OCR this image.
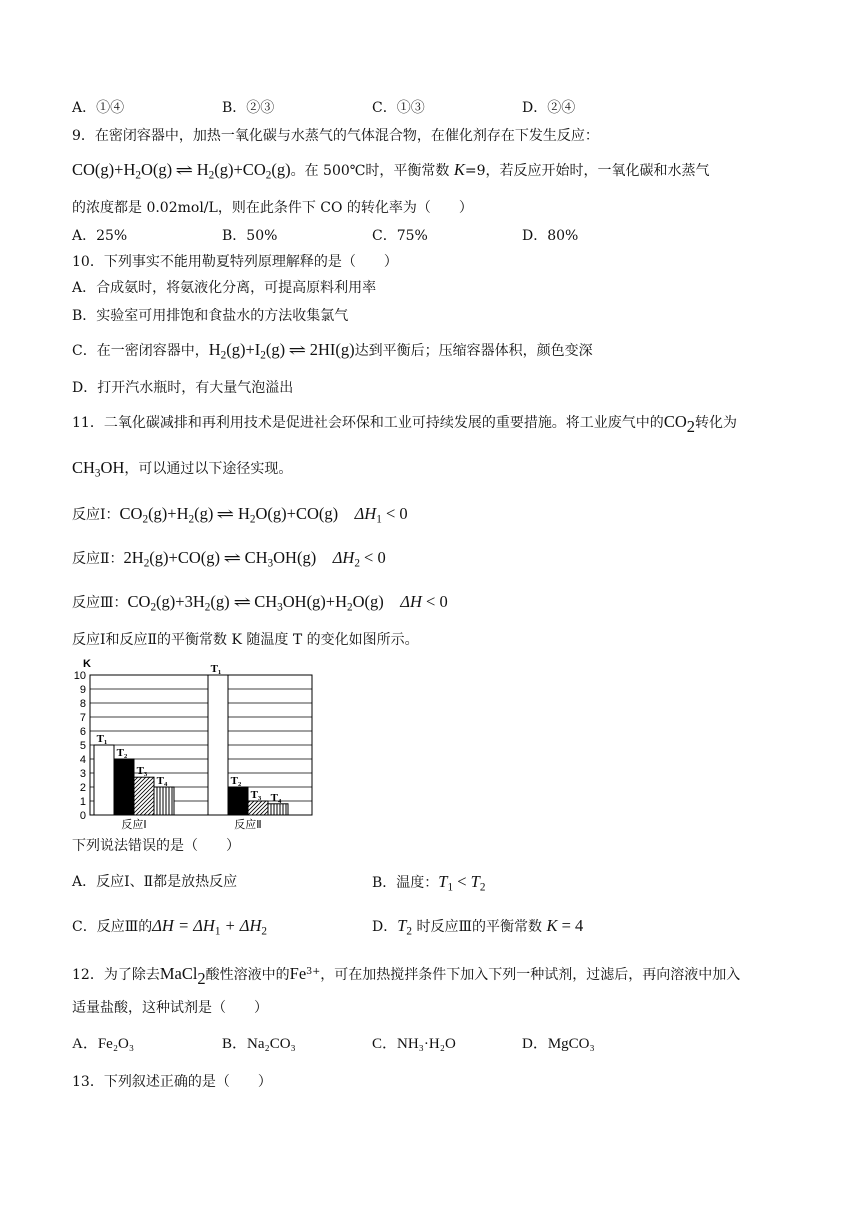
A．①④	B．②③	C．①③	D．②④
9．在密闭容器中，加热一氧化碳与水蒸气的气体混合物，在催化剂存在下发生反应：
$CO(g)+H_2O(g)$ ⇌ $H_2(g)+CO_2(g)$。在 500℃时，平衡常数 K=9，若反应开始时，一氧化碳和水蒸气
的浓度都是 0.02mol/L，则在此条件下 CO 的转化率为（　　）
A．25%	B．50%	C．75%	D．80%
10．下列事实不能用勒夏特列原理解释的是（　　）
A．合成氨时，将氨液化分离，可提高原料利用率
B．实验室可用排饱和食盐水的方法收集氯气
C．在一密闭容器中，$H_2(g)+I_2(g)$ ⇌ 2HI(g)达到平衡后；压缩容器体积，颜色变深
D．打开汽水瓶时，有大量气泡溢出
11．二氧化碳减排和再利用技术是促进社会环保和工业可持续发展的重要措施。将工业废气中的$CO_2$转化为
$CH_3OH$，可以通过以下途径实现。
反应Ⅰ：$CO_2(g)+H_2(g)$ ⇌ $H_2O(g)+CO(g) \Delta H_1 < 0$
反应Ⅱ：$2H_2(g)+CO(g)$ ⇌ $CH_3OH(g) \Delta H_2 < 0$
反应Ⅲ：$CO_2(g)+3H_2(g)$ ⇌ $CH_3OH(g)+H_2O(g) \Delta H < 0$
反应Ⅰ和反应Ⅱ的平衡常数 K 随温度 T 的变化如图所示。
0
1
2
3
4
5
6
7
8
9
10
T₁
T₂
T₃
T₄
反应Ⅰ
T₁
T₂
T₃ T₄
反应Ⅱ
K
下列说法错误的是（　　）
A．反应Ⅰ、Ⅱ都是放热反应	B．温度：$T_1 < T_2$
C．反应Ⅲ的$\Delta H = \Delta H_1 + \Delta H_2$	D．$T_2$ 时反应Ⅲ的平衡常数 K = 4
12．为了除去MaCl$_2$酸性溶液中的$Fe^{3+}$，可在加热搅拌条件下加入下列一种试剂，过滤后，再向溶液中加入
适量盐酸，这种试剂是（　　）
A．Fe₂O₃	B．Na₂CO₃	C．NH₃·H₂O	D．MgCO₃
13．下列叙述正确的是（　　）
